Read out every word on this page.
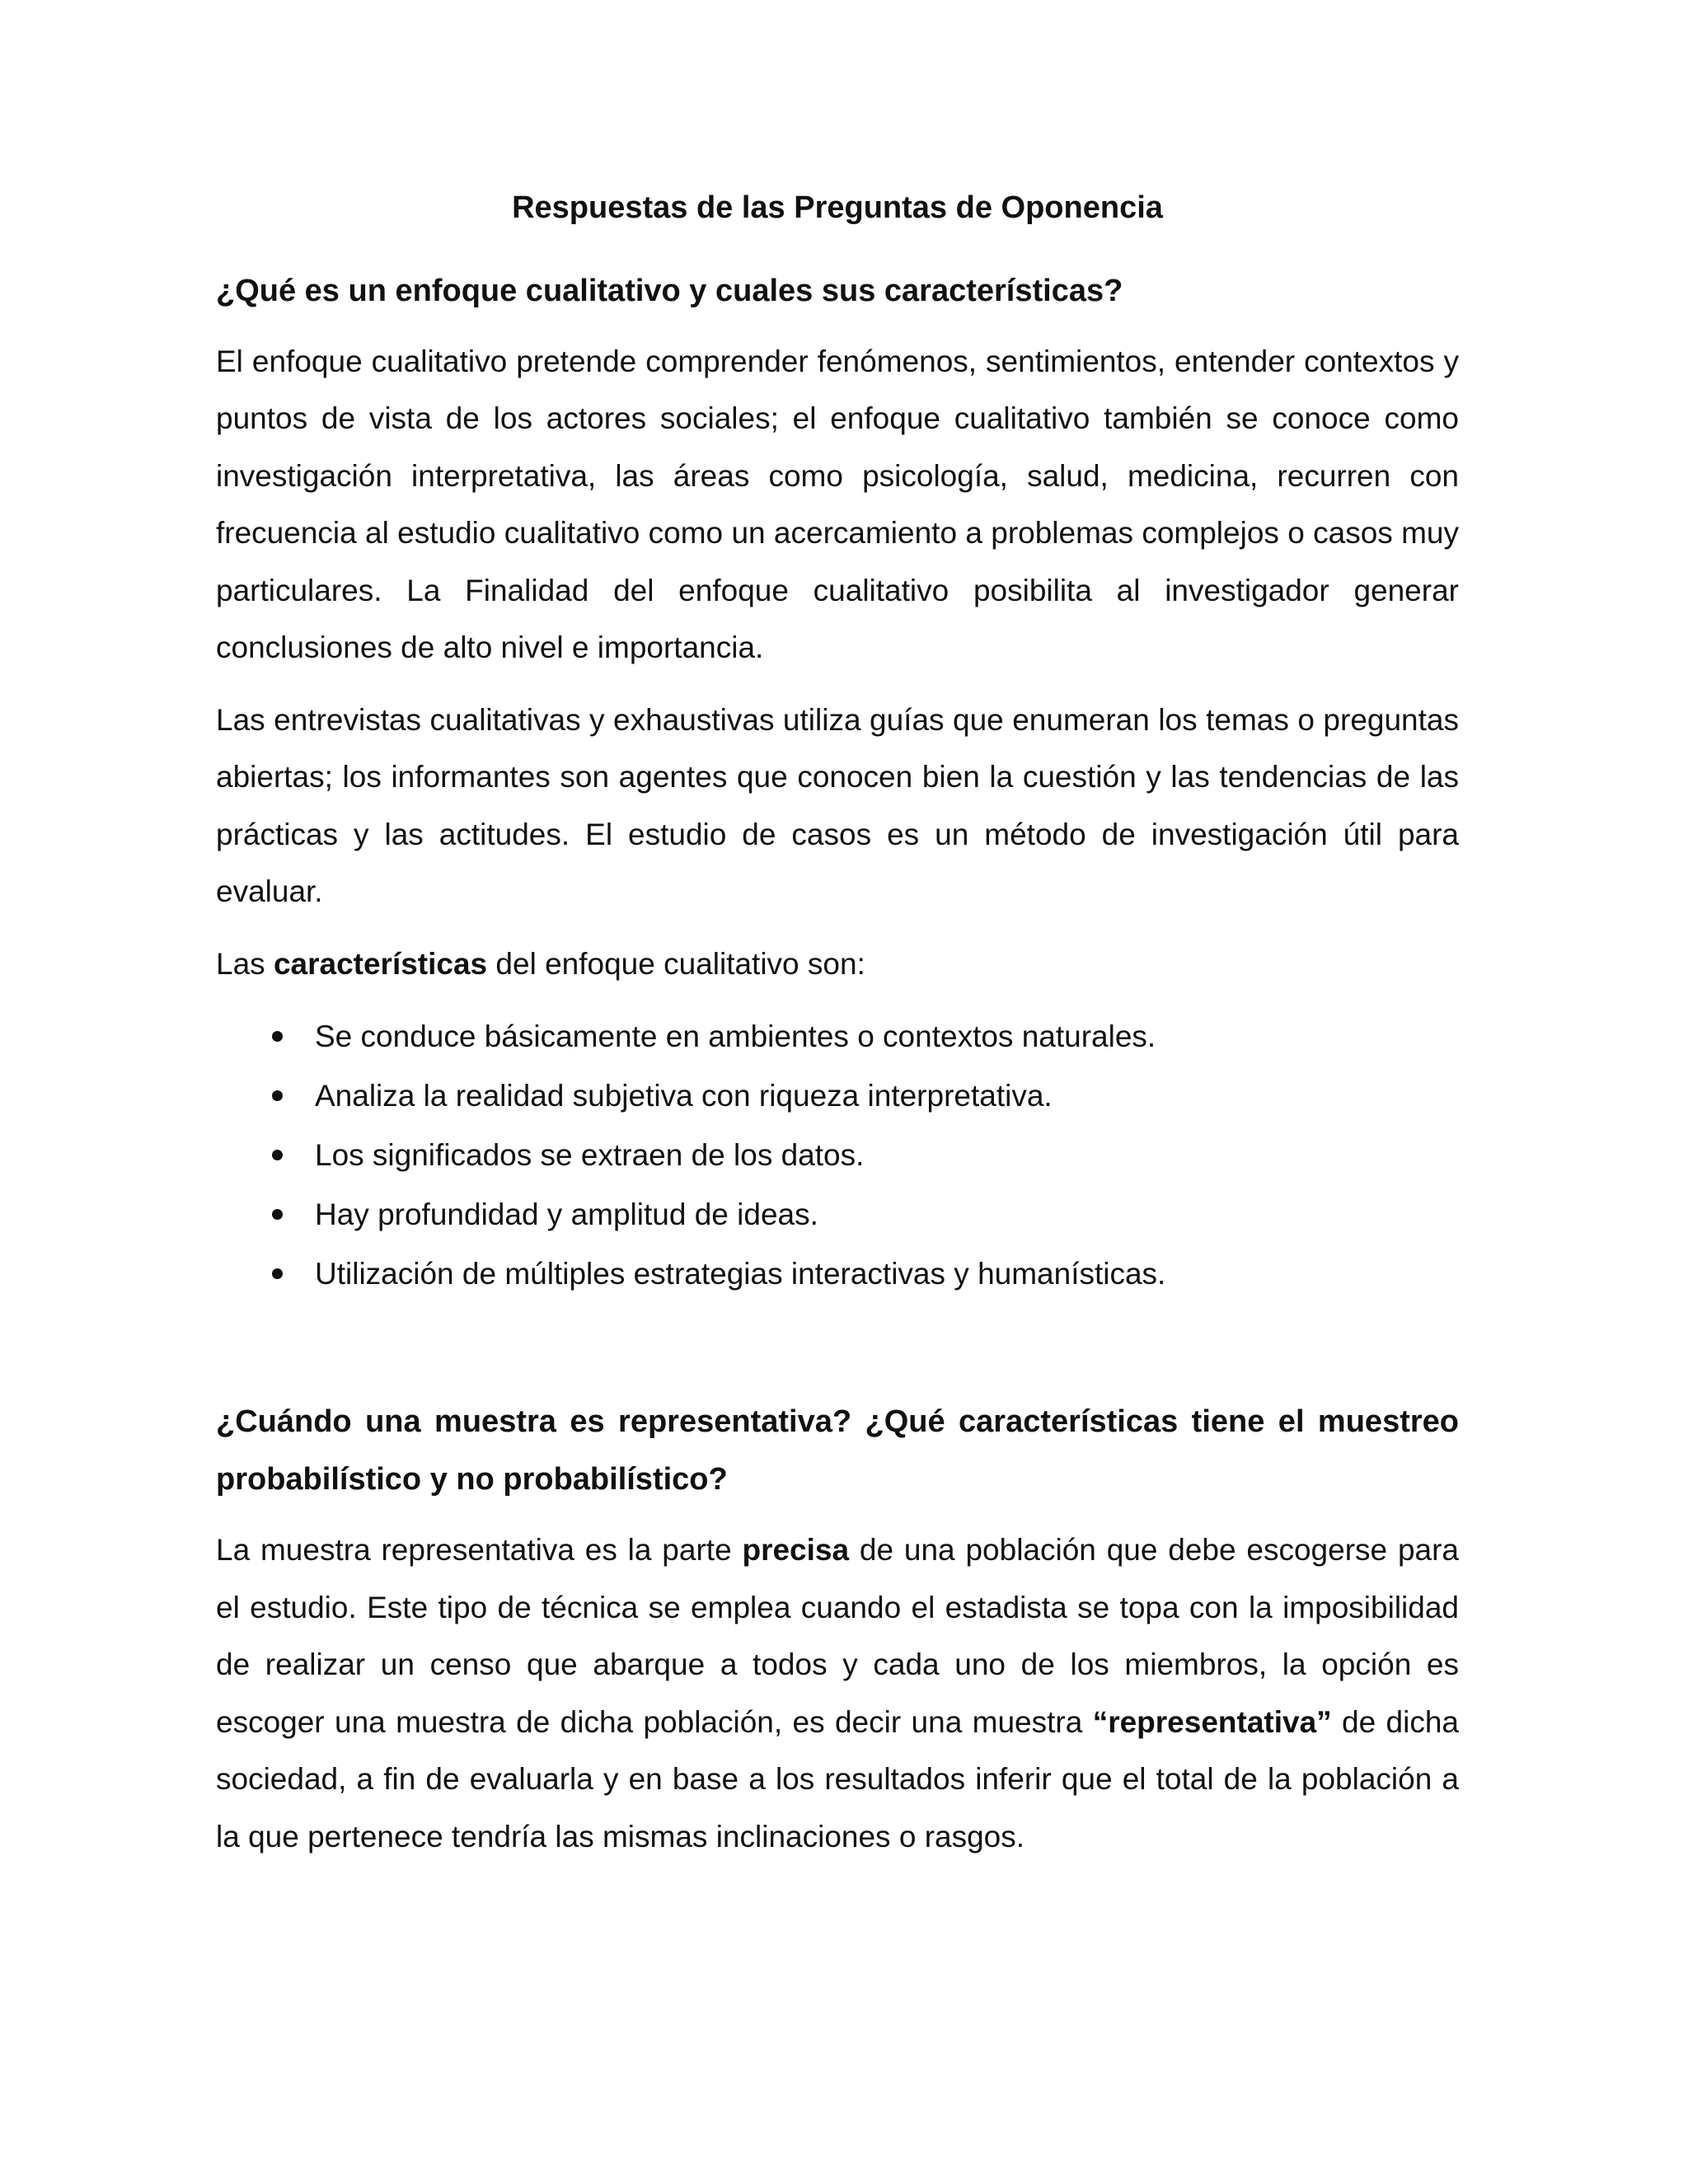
Respuestas de las Preguntas de Oponencia

¿Qué es un enfoque cualitativo y cuales sus características?

El enfoque cualitativo pretende comprender fenómenos, sentimientos, entender contextos y puntos de vista de los actores sociales; el enfoque cualitativo también se conoce como investigación interpretativa, las áreas como psicología, salud, medicina, recurren con frecuencia al estudio cualitativo como un acercamiento a problemas complejos o casos muy particulares. La Finalidad del enfoque cualitativo posibilita al investigador generar conclusiones de alto nivel e importancia.

Las entrevistas cualitativas y exhaustivas utiliza guías que enumeran los temas o preguntas abiertas; los informantes son agentes que conocen bien la cuestión y las tendencias de las prácticas y las actitudes. El estudio de casos es un método de investigación útil para evaluar.

Las características del enfoque cualitativo son:

Se conduce básicamente en ambientes o contextos naturales.
Analiza la realidad subjetiva con riqueza interpretativa.
Los significados se extraen de los datos.
Hay profundidad y amplitud de ideas.
Utilización de múltiples estrategias interactivas y humanísticas.

¿Cuándo una muestra es representativa? ¿Qué características tiene el muestreo probabilístico y no probabilístico?

La muestra representativa es la parte precisa de una población que debe escogerse para el estudio. Este tipo de técnica se emplea cuando el estadista se topa con la imposibilidad de realizar un censo que abarque a todos y cada uno de los miembros, la opción es escoger una muestra de dicha población, es decir una muestra “representativa” de dicha sociedad, a fin de evaluarla y en base a los resultados inferir que el total de la población a la que pertenece tendría las mismas inclinaciones o rasgos.
